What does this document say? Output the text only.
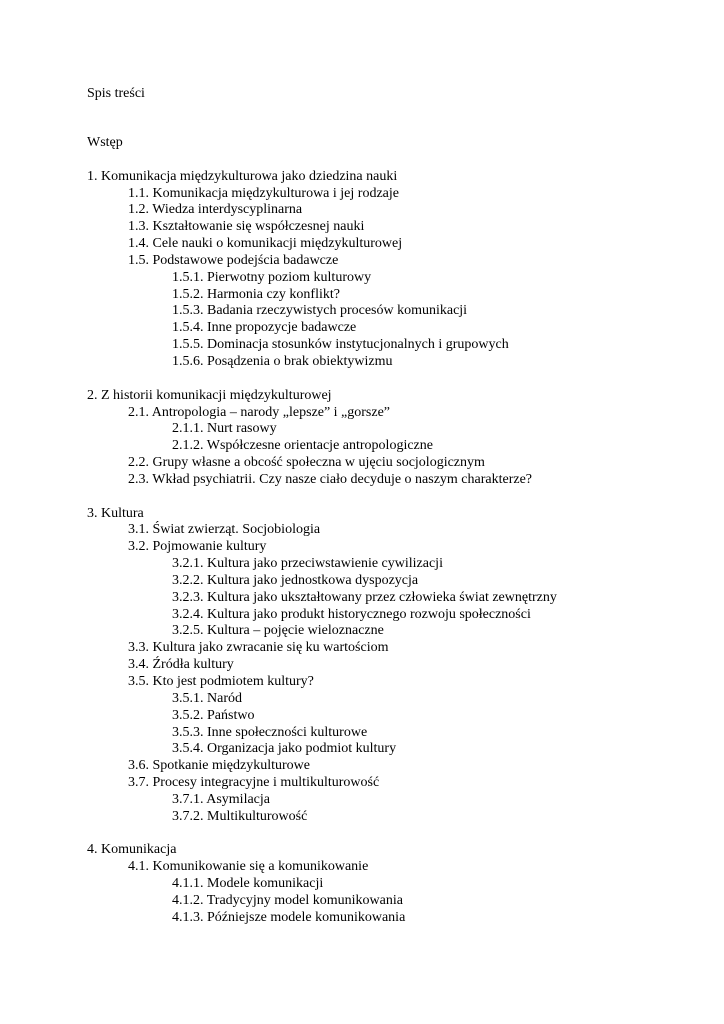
Spis treści
Wstęp
1. Komunikacja międzykulturowa jako dziedzina nauki
1.1. Komunikacja międzykulturowa i jej rodzaje
1.2. Wiedza interdyscyplinarna
1.3. Kształtowanie się współczesnej nauki
1.4. Cele nauki o komunikacji międzykulturowej
1.5. Podstawowe podejścia badawcze
1.5.1. Pierwotny poziom kulturowy
1.5.2. Harmonia czy konflikt?
1.5.3. Badania rzeczywistych procesów komunikacji
1.5.4. Inne propozycje badawcze
1.5.5. Dominacja stosunków instytucjonalnych i grupowych
1.5.6. Posądzenia o brak obiektywizmu
2. Z historii komunikacji międzykulturowej
2.1. Antropologia – narody „lepsze” i „gorsze”
2.1.1. Nurt rasowy
2.1.2. Współczesne orientacje antropologiczne
2.2. Grupy własne a obcość społeczna w ujęciu socjologicznym
2.3. Wkład psychiatrii. Czy nasze ciało decyduje o naszym charakterze?
3. Kultura
3.1. Świat zwierząt. Socjobiologia
3.2. Pojmowanie kultury
3.2.1. Kultura jako przeciwstawienie cywilizacji
3.2.2. Kultura jako jednostkowa dyspozycja
3.2.3. Kultura jako ukształtowany przez człowieka świat zewnętrzny
3.2.4. Kultura jako produkt historycznego rozwoju społeczności
3.2.5. Kultura – pojęcie wieloznaczne
3.3. Kultura jako zwracanie się ku wartościom
3.4. Źródła kultury
3.5. Kto jest podmiotem kultury?
3.5.1. Naród
3.5.2. Państwo
3.5.3. Inne społeczności kulturowe
3.5.4. Organizacja jako podmiot kultury
3.6. Spotkanie międzykulturowe
3.7. Procesy integracyjne i multikulturowość
3.7.1. Asymilacja
3.7.2. Multikulturowość
4. Komunikacja
4.1. Komunikowanie się a komunikowanie
4.1.1. Modele komunikacji
4.1.2. Tradycyjny model komunikowania
4.1.3. Późniejsze modele komunikowania
